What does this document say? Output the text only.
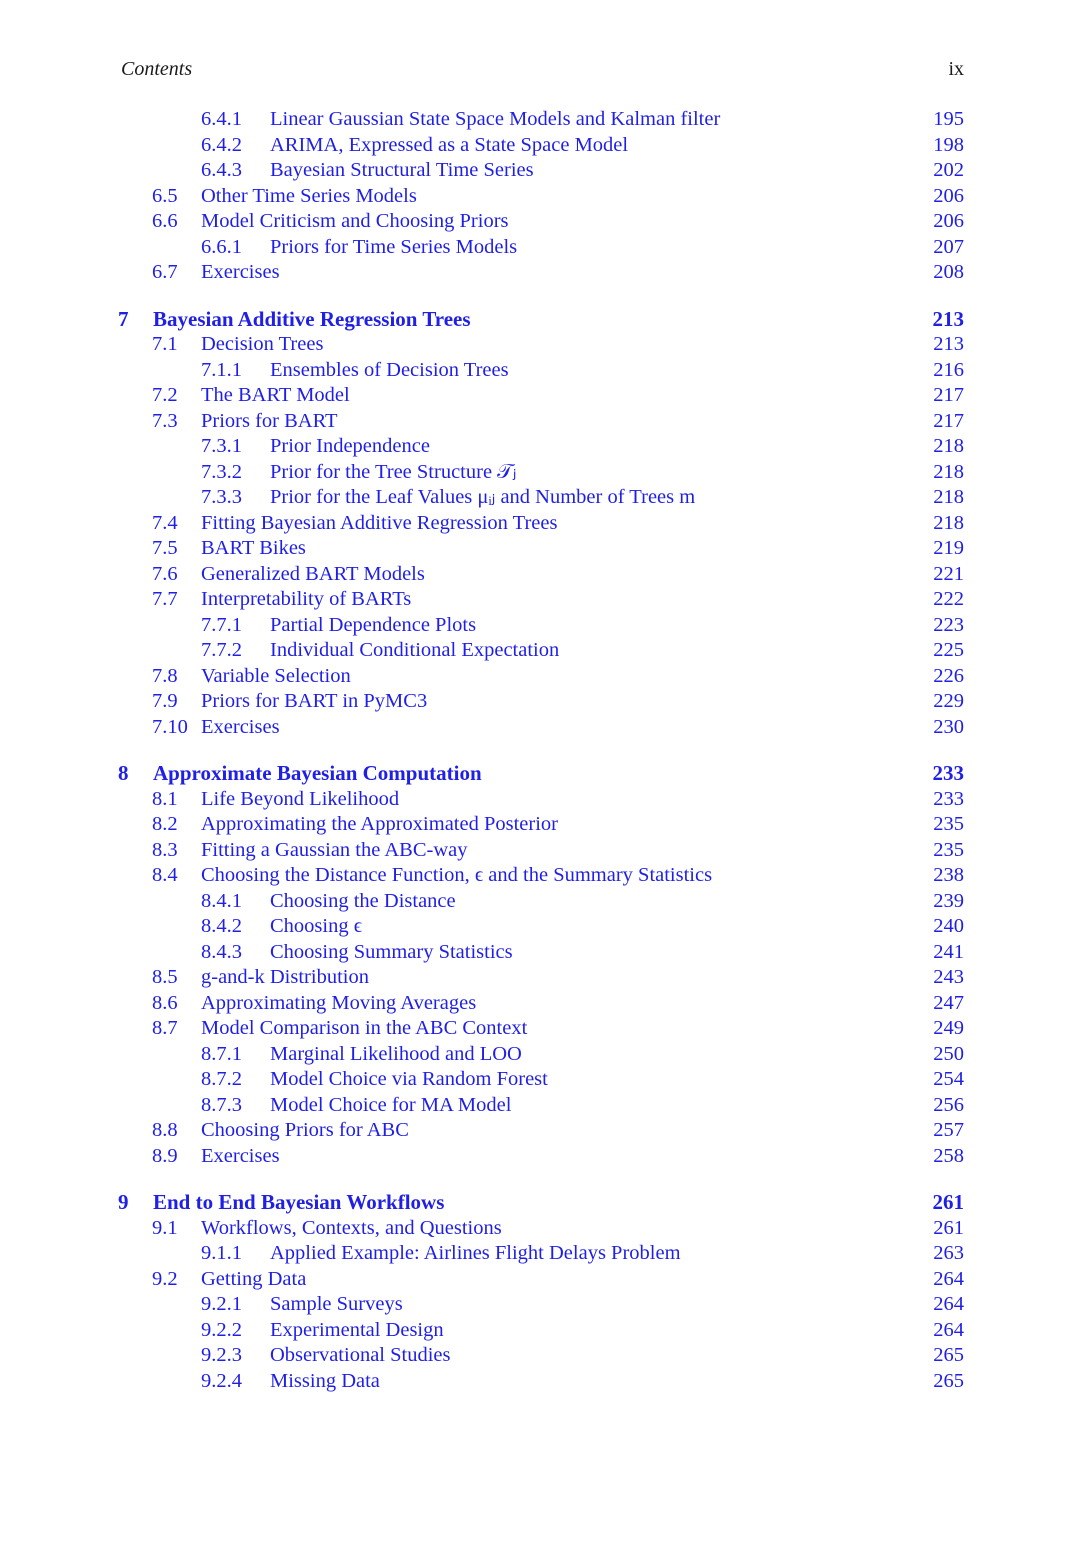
Contents	ix
6.4.1 Linear Gaussian State Space Models and Kalman filter	195
6.4.2 ARIMA, Expressed as a State Space Model	198
6.4.3 Bayesian Structural Time Series	202
6.5 Other Time Series Models	206
6.6 Model Criticism and Choosing Priors	206
6.6.1 Priors for Time Series Models	207
6.7 Exercises	208
7 Bayesian Additive Regression Trees	213
7.1 Decision Trees	213
7.1.1 Ensembles of Decision Trees	216
7.2 The BART Model	217
7.3 Priors for BART	217
7.3.1 Prior Independence	218
7.3.2 Prior for the Tree Structure 𝒯ⱼ	218
7.3.3 Prior for the Leaf Values μᵢⱼ and Number of Trees m	218
7.4 Fitting Bayesian Additive Regression Trees	218
7.5 BART Bikes	219
7.6 Generalized BART Models	221
7.7 Interpretability of BARTs	222
7.7.1 Partial Dependence Plots	223
7.7.2 Individual Conditional Expectation	225
7.8 Variable Selection	226
7.9 Priors for BART in PyMC3	229
7.10 Exercises	230
8 Approximate Bayesian Computation	233
8.1 Life Beyond Likelihood	233
8.2 Approximating the Approximated Posterior	235
8.3 Fitting a Gaussian the ABC-way	235
8.4 Choosing the Distance Function, ϵ and the Summary Statistics	238
8.4.1 Choosing the Distance	239
8.4.2 Choosing ϵ	240
8.4.3 Choosing Summary Statistics	241
8.5 g-and-k Distribution	243
8.6 Approximating Moving Averages	247
8.7 Model Comparison in the ABC Context	249
8.7.1 Marginal Likelihood and LOO	250
8.7.2 Model Choice via Random Forest	254
8.7.3 Model Choice for MA Model	256
8.8 Choosing Priors for ABC	257
8.9 Exercises	258
9 End to End Bayesian Workflows	261
9.1 Workflows, Contexts, and Questions	261
9.1.1 Applied Example: Airlines Flight Delays Problem	263
9.2 Getting Data	264
9.2.1 Sample Surveys	264
9.2.2 Experimental Design	264
9.2.3 Observational Studies	265
9.2.4 Missing Data	265
